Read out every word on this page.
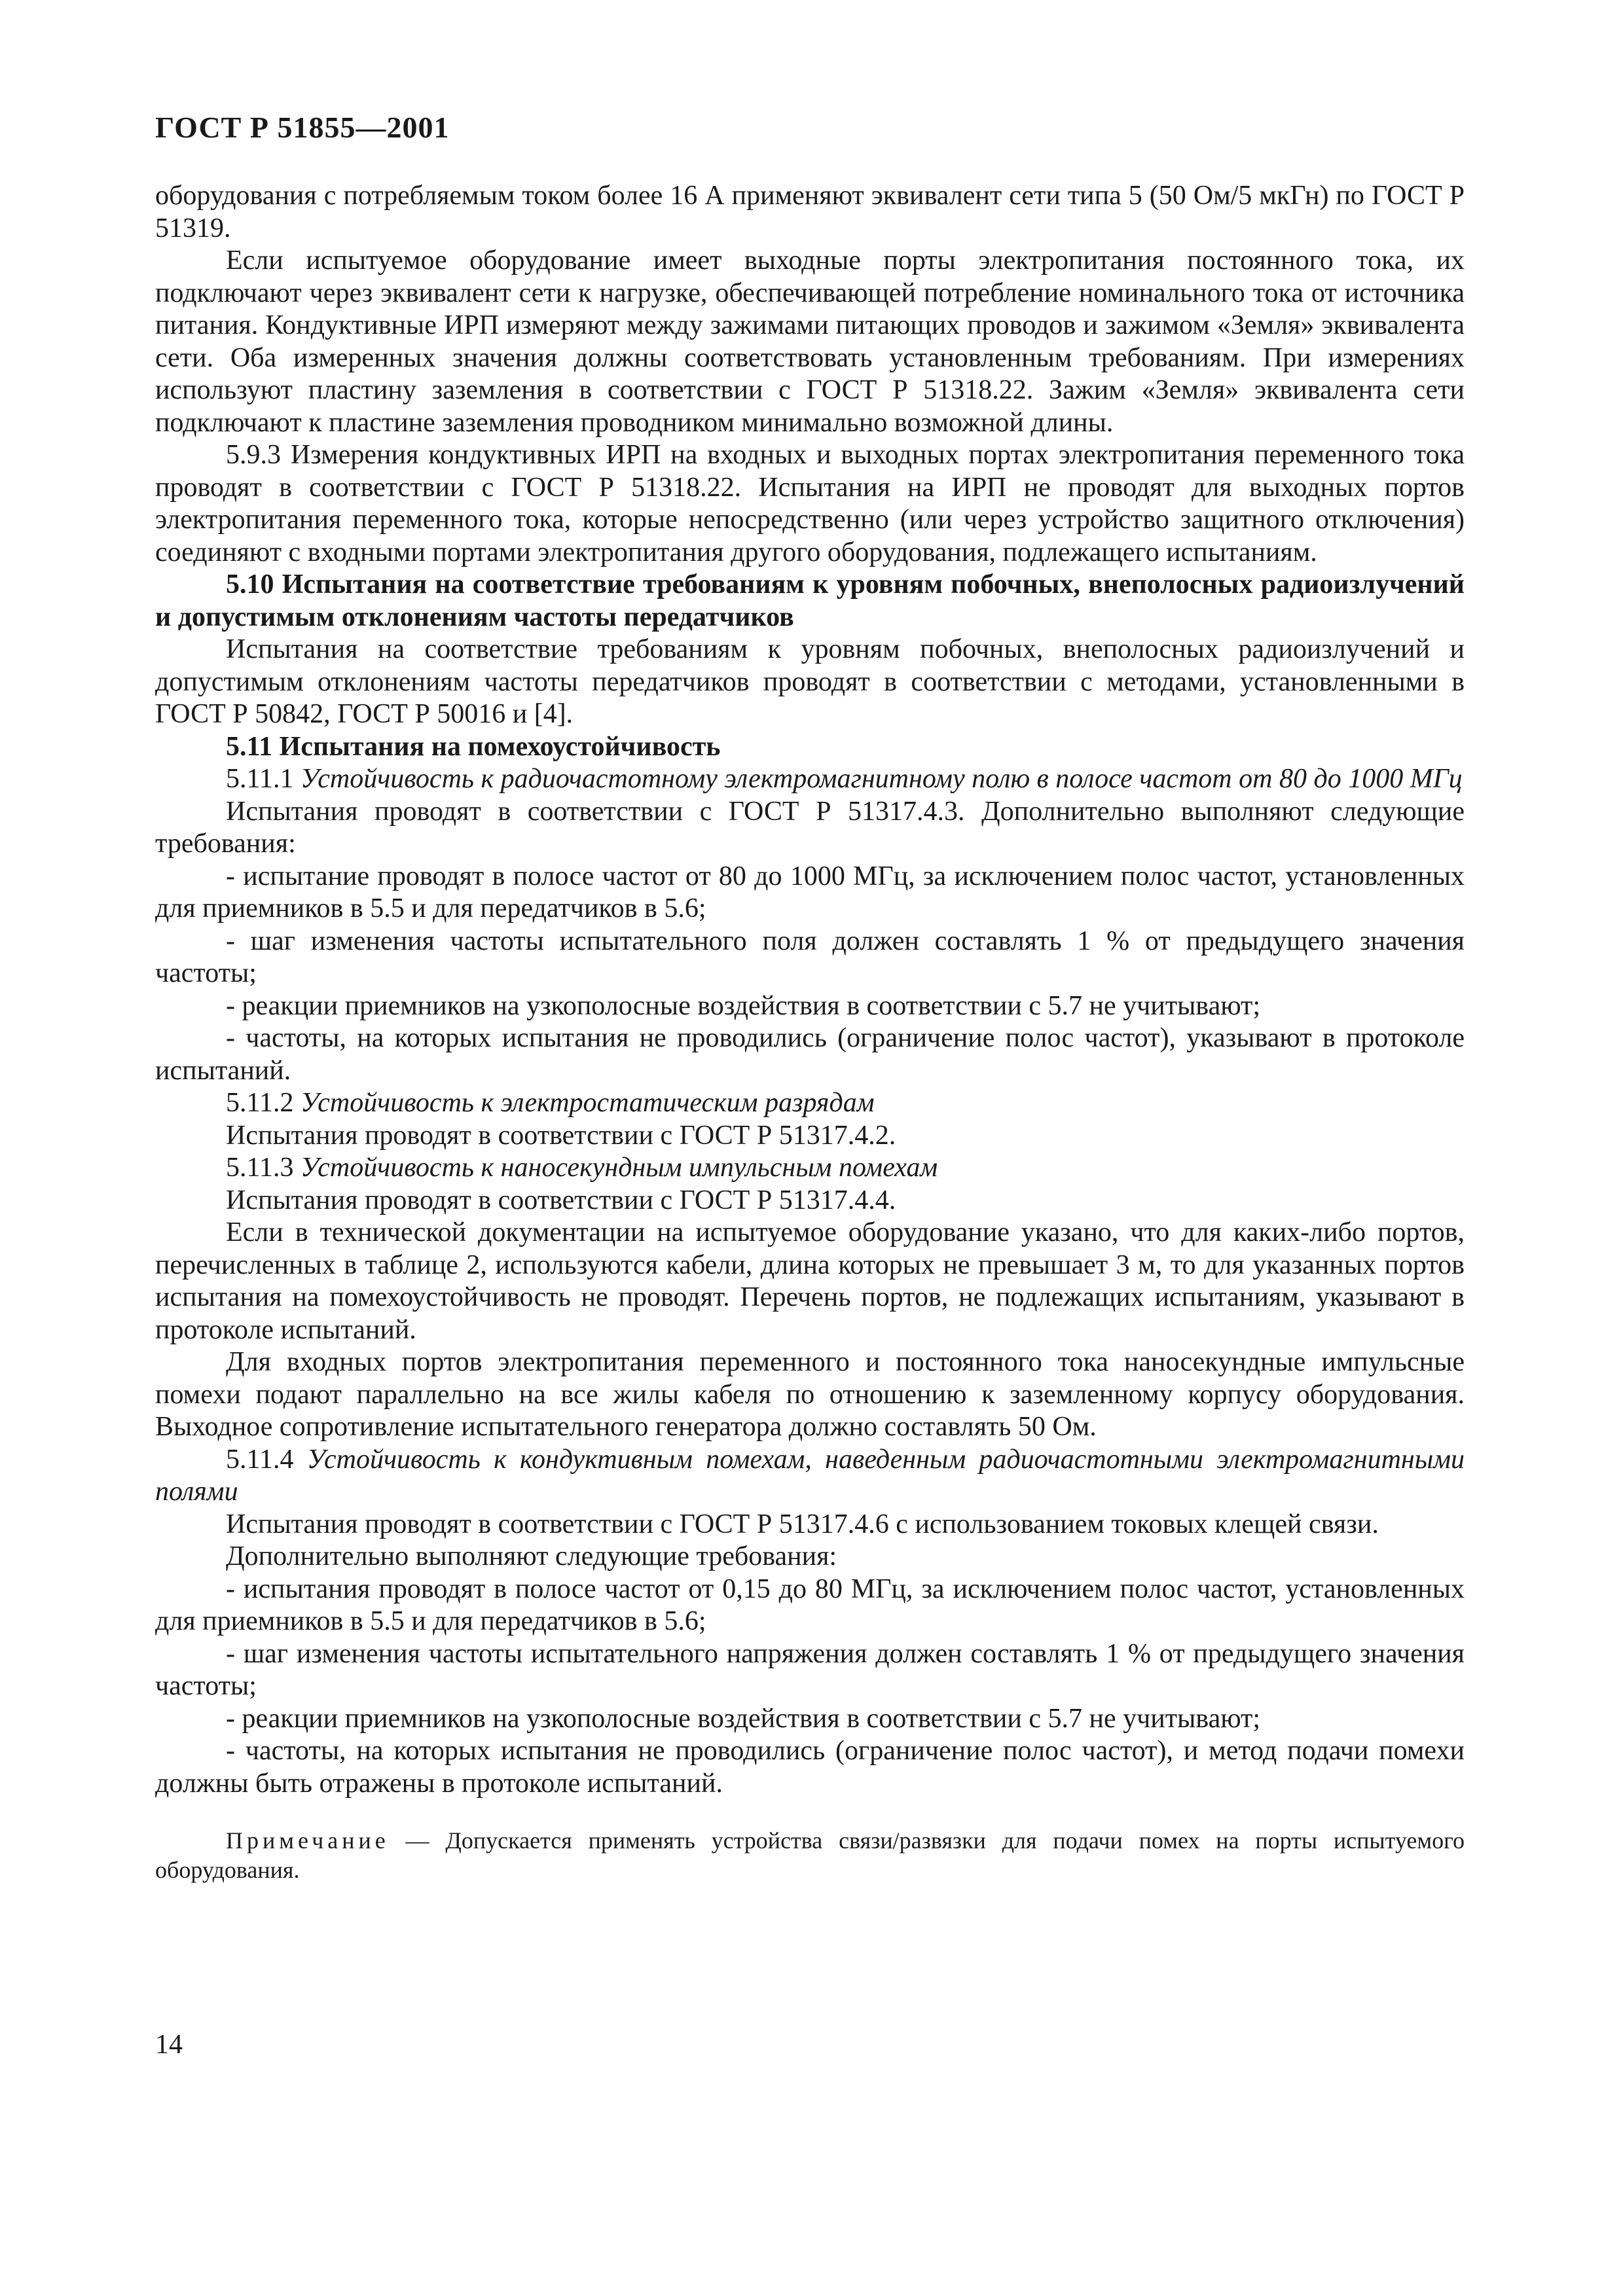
ГОСТ Р 51855—2001

оборудования с потребляемым током более 16 А применяют эквивалент сети типа 5 (50 Ом/5 мкГн) по ГОСТ Р 51319.

Если испытуемое оборудование имеет выходные порты электропитания постоянного тока, их подключают через эквивалент сети к нагрузке, обеспечивающей потребление номинального тока от источника питания. Кондуктивные ИРП измеряют между зажимами питающих проводов и зажимом «Земля» эквивалента сети. Оба измеренных значения должны соответствовать установленным требованиям. При измерениях используют пластину заземления в соответствии с ГОСТ Р 51318.22. Зажим «Земля» эквивалента сети подключают к пластине заземления проводником минимально возможной длины.

5.9.3 Измерения кондуктивных ИРП на входных и выходных портах электропитания переменного тока проводят в соответствии с ГОСТ Р 51318.22. Испытания на ИРП не проводят для выходных портов электропитания переменного тока, которые непосредственно (или через устройство защитного отключения) соединяют с входными портами электропитания другого оборудования, подлежащего испытаниям.

5.10 Испытания на соответствие требованиям к уровням побочных, внеполосных радиоизлучений и допустимым отклонениям частоты передатчиков

Испытания на соответствие требованиям к уровням побочных, внеполосных радиоизлучений и допустимым отклонениям частоты передатчиков проводят в соответствии с методами, установленными в ГОСТ Р 50842, ГОСТ Р 50016 и [4].

5.11 Испытания на помехоустойчивость

5.11.1 Устойчивость к радиочастотному электромагнитному полю в полосе частот от 80 до 1000 МГц

Испытания проводят в соответствии с ГОСТ Р 51317.4.3. Дополнительно выполняют следующие требования:

- испытание проводят в полосе частот от 80 до 1000 МГц, за исключением полос частот, установленных для приемников в 5.5 и для передатчиков в 5.6;

- шаг изменения частоты испытательного поля должен составлять 1 % от предыдущего значения частоты;

- реакции приемников на узкополосные воздействия в соответствии с 5.7 не учитывают;

- частоты, на которых испытания не проводились (ограничение полос частот), указывают в протоколе испытаний.

5.11.2 Устойчивость к электростатическим разрядам

Испытания проводят в соответствии с ГОСТ Р 51317.4.2.

5.11.3 Устойчивость к наносекундным импульсным помехам

Испытания проводят в соответствии с ГОСТ Р 51317.4.4.

Если в технической документации на испытуемое оборудование указано, что для каких-либо портов, перечисленных в таблице 2, используются кабели, длина которых не превышает 3 м, то для указанных портов испытания на помехоустойчивость не проводят. Перечень портов, не подлежащих испытаниям, указывают в протоколе испытаний.

Для входных портов электропитания переменного и постоянного тока наносекундные импульсные помехи подают параллельно на все жилы кабеля по отношению к заземленному корпусу оборудования. Выходное сопротивление испытательного генератора должно составлять 50 Ом.

5.11.4 Устойчивость к кондуктивным помехам, наведенным радиочастотными электромагнитными полями

Испытания проводят в соответствии с ГОСТ Р 51317.4.6 с использованием токовых клещей связи.

Дополнительно выполняют следующие требования:

- испытания проводят в полосе частот от 0,15 до 80 МГц, за исключением полос частот, установленных для приемников в 5.5 и для передатчиков в 5.6;

- шаг изменения частоты испытательного напряжения должен составлять 1 % от предыдущего значения частоты;

- реакции приемников на узкополосные воздействия в соответствии с 5.7 не учитывают;

- частоты, на которых испытания не проводились (ограничение полос частот), и метод подачи помехи должны быть отражены в протоколе испытаний.

Примечание — Допускается применять устройства связи/развязки для подачи помех на порты испытуемого оборудования.

14
